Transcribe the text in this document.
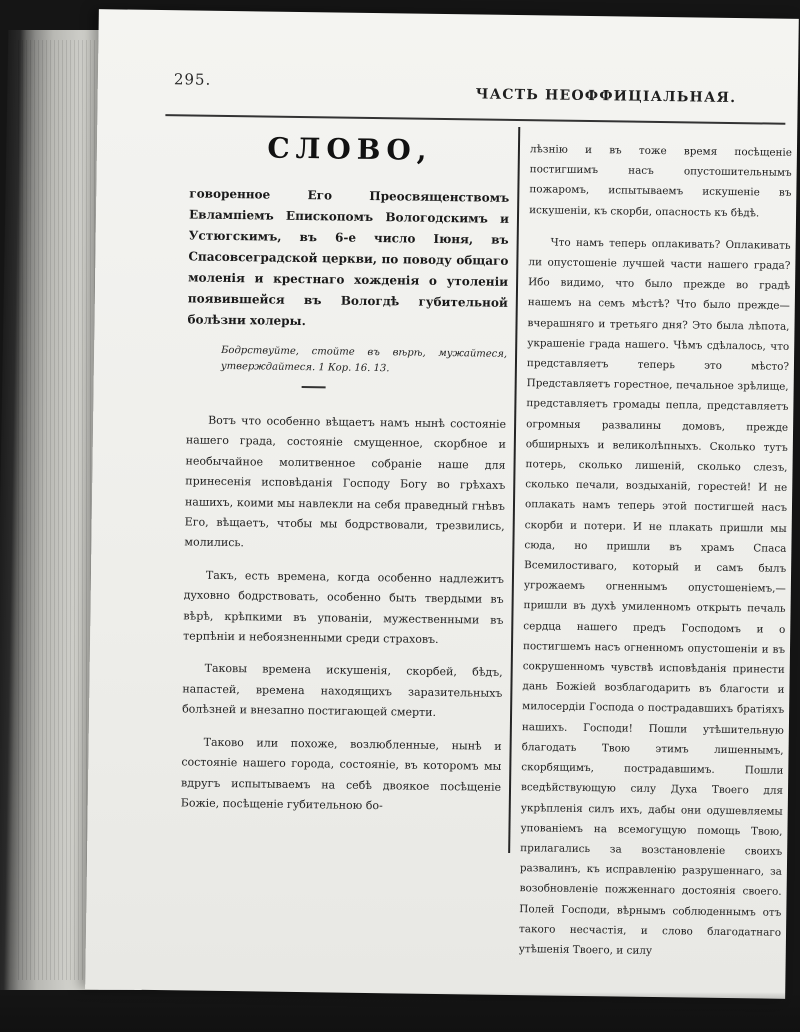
295.
ЧАСТЬ НЕОФФИЦІАЛЬНАЯ.
СЛОВО,
говоренное Его Преосвященствомъ Евлампіемъ Епископомъ Вологодскимъ и Устюгскимъ, въ 6-е число Іюня, въ Спасовсеградской церкви, по поводу общаго моленія и крестнаго хожденія о утоленіи появившейся въ Вологдѣ губительной болѣзни холеры.
Бодрствуйте, стойте въ вѣрѣ, мужайтеся, утверждайтеся. 1 Кор. 16. 13.

Вотъ что особенно вѣщаетъ намъ нынѣ состояніе нашего града, состояніе смущенное, скорбное и необычайное молитвенное собраніе наше для принесенія исповѣданія Господу Богу во грѣхахъ нашихъ, коими мы навлекли на себя праведный гнѣвъ Его, вѣщаетъ, чтобы мы бодрствовали, трезвились, молились.

Такъ, есть времена, когда особенно надлежитъ духовно бодрствовать, особенно быть твердыми въ вѣрѣ, крѣпкими въ упованіи, мужественными въ терпѣніи и небоязненными среди страховъ.

Таковы времена искушенія, скорбей, бѣдъ, напастей, времена находящихъ заразительныхъ болѣзней и внезапно постигающей смерти.

Таково или похоже, возлюбленные, нынѣ и состояніе нашего города, состояніе, въ которомъ мы вдругъ испытываемъ на себѣ двоякое посѣщеніе Божіе, посѣщеніе губительною бо-

лѣзнію и въ тоже время посѣщеніе постигшимъ насъ опустошительнымъ пожаромъ, испытываемъ искушеніе въ искушеніи, къ скорби, опасность къ бѣдѣ.

Что намъ теперь оплакивать? Оплакивать ли опустошеніе лучшей части нашего града? Ибо видимо, что было прежде во градѣ нашемъ на семъ мѣстѣ? Что было прежде—вчерашняго и третьяго дня? Это была лѣпота, украшеніе града нашего. Чѣмъ сдѣлалось, что представляетъ теперь это мѣсто? Представляетъ горестное, печальное зрѣлище, представляетъ громады пепла, представляетъ огромныя развалины домовъ, прежде обширныхъ и великолѣпныхъ. Сколько тутъ потерь, сколько лишеній, сколько слезъ, сколько печали, воздыханій, горестей! И не оплакать намъ теперь этой постигшей насъ скорби и потери. И не плакать пришли мы сюда, но пришли въ храмъ Спаса Всемилостиваго, который и самъ былъ угрожаемъ огненнымъ опустошеніемъ,—пришли въ духѣ умиленномъ открыть печаль сердца нашего предъ Господомъ и о постигшемъ насъ огненномъ опустошеніи и въ сокрушенномъ чувствѣ исповѣданія принести дань Божіей возблагодарить въ благости и милосердіи Господа о пострадавшихъ братіяхъ нашихъ. Господи! Пошли утѣшительную благодать Твою этимъ лишеннымъ, скорбящимъ, пострадавшимъ. Пошли вседѣйствующую силу Духа Твоего для укрѣпленія силъ ихъ, дабы они одушевляемы упованіемъ на всемогущую помощь Твою, прилагались за возстановленіе своихъ развалинъ, къ исправленію разрушеннаго, за возобновленіе пожженнаго достоянія своего. Полей Господи, вѣрнымъ соблюденнымъ отъ такого несчастія, и слово благодатнаго утѣшенія Твоего, и силу
